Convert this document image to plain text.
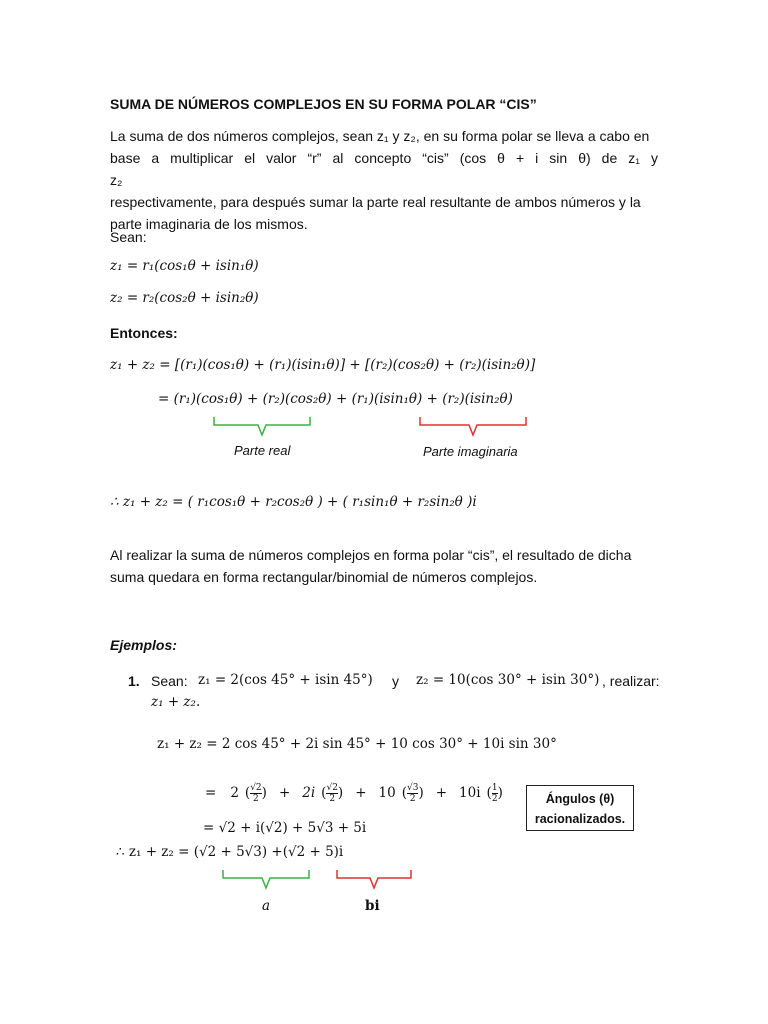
SUMA DE NÚMEROS COMPLEJOS EN SU FORMA POLAR “CIS”
La suma de dos números complejos, sean z₁ y z₂, en su forma polar se lleva a cabo en
base a multiplicar el valor “r” al concepto “cis” (cos θ + i sin θ) de z₁ y z₂
respectivamente, para después sumar la parte real resultante de ambos números y la
parte imaginaria de los mismos.
Sean:
z₁ = r₁(cos₁θ + isin₁θ)
z₂ = r₂(cos₂θ + isin₂θ)
Entonces:
z₁ + z₂ = [(r₁)(cos₁θ) + (r₁)(isin₁θ)] + [(r₂)(cos₂θ) + (r₂)(isin₂θ)]
= (r₁)(cos₁θ) + (r₂)(cos₂θ) + (r₁)(isin₁θ) + (r₂)(isin₂θ)
Parte real	Parte imaginaria
∴ z₁ + z₂ = ( r₁cos₁θ + r₂cos₂θ ) + ( r₁sin₁θ + r₂sin₂θ )i
Al realizar la suma de números complejos en forma polar “cis”, el resultado de dicha
suma quedara en forma rectangular/binomial de números complejos.
Ejemplos:
1. Sean: z₁ = 2(cos 45° + isin 45°) y z₂ = 10(cos 30° + isin 30°) , realizar:
z₁ + z₂.
z₁ + z₂ = 2 cos 45° + 2i sin 45° + 10 cos 30° + 10i sin 30°
= 2 ( √2
2 ) + 2i ( √2
2 ) + 10 ( √3
2 ) + 10i ( 1
2 )	Ángulos (θ)
racionalizados.
= √2 + i(√2) + 5√3 + 5i
∴ z₁ + z₂ = (√2 + 5√3) +(√2 + 5)i
a	bi
